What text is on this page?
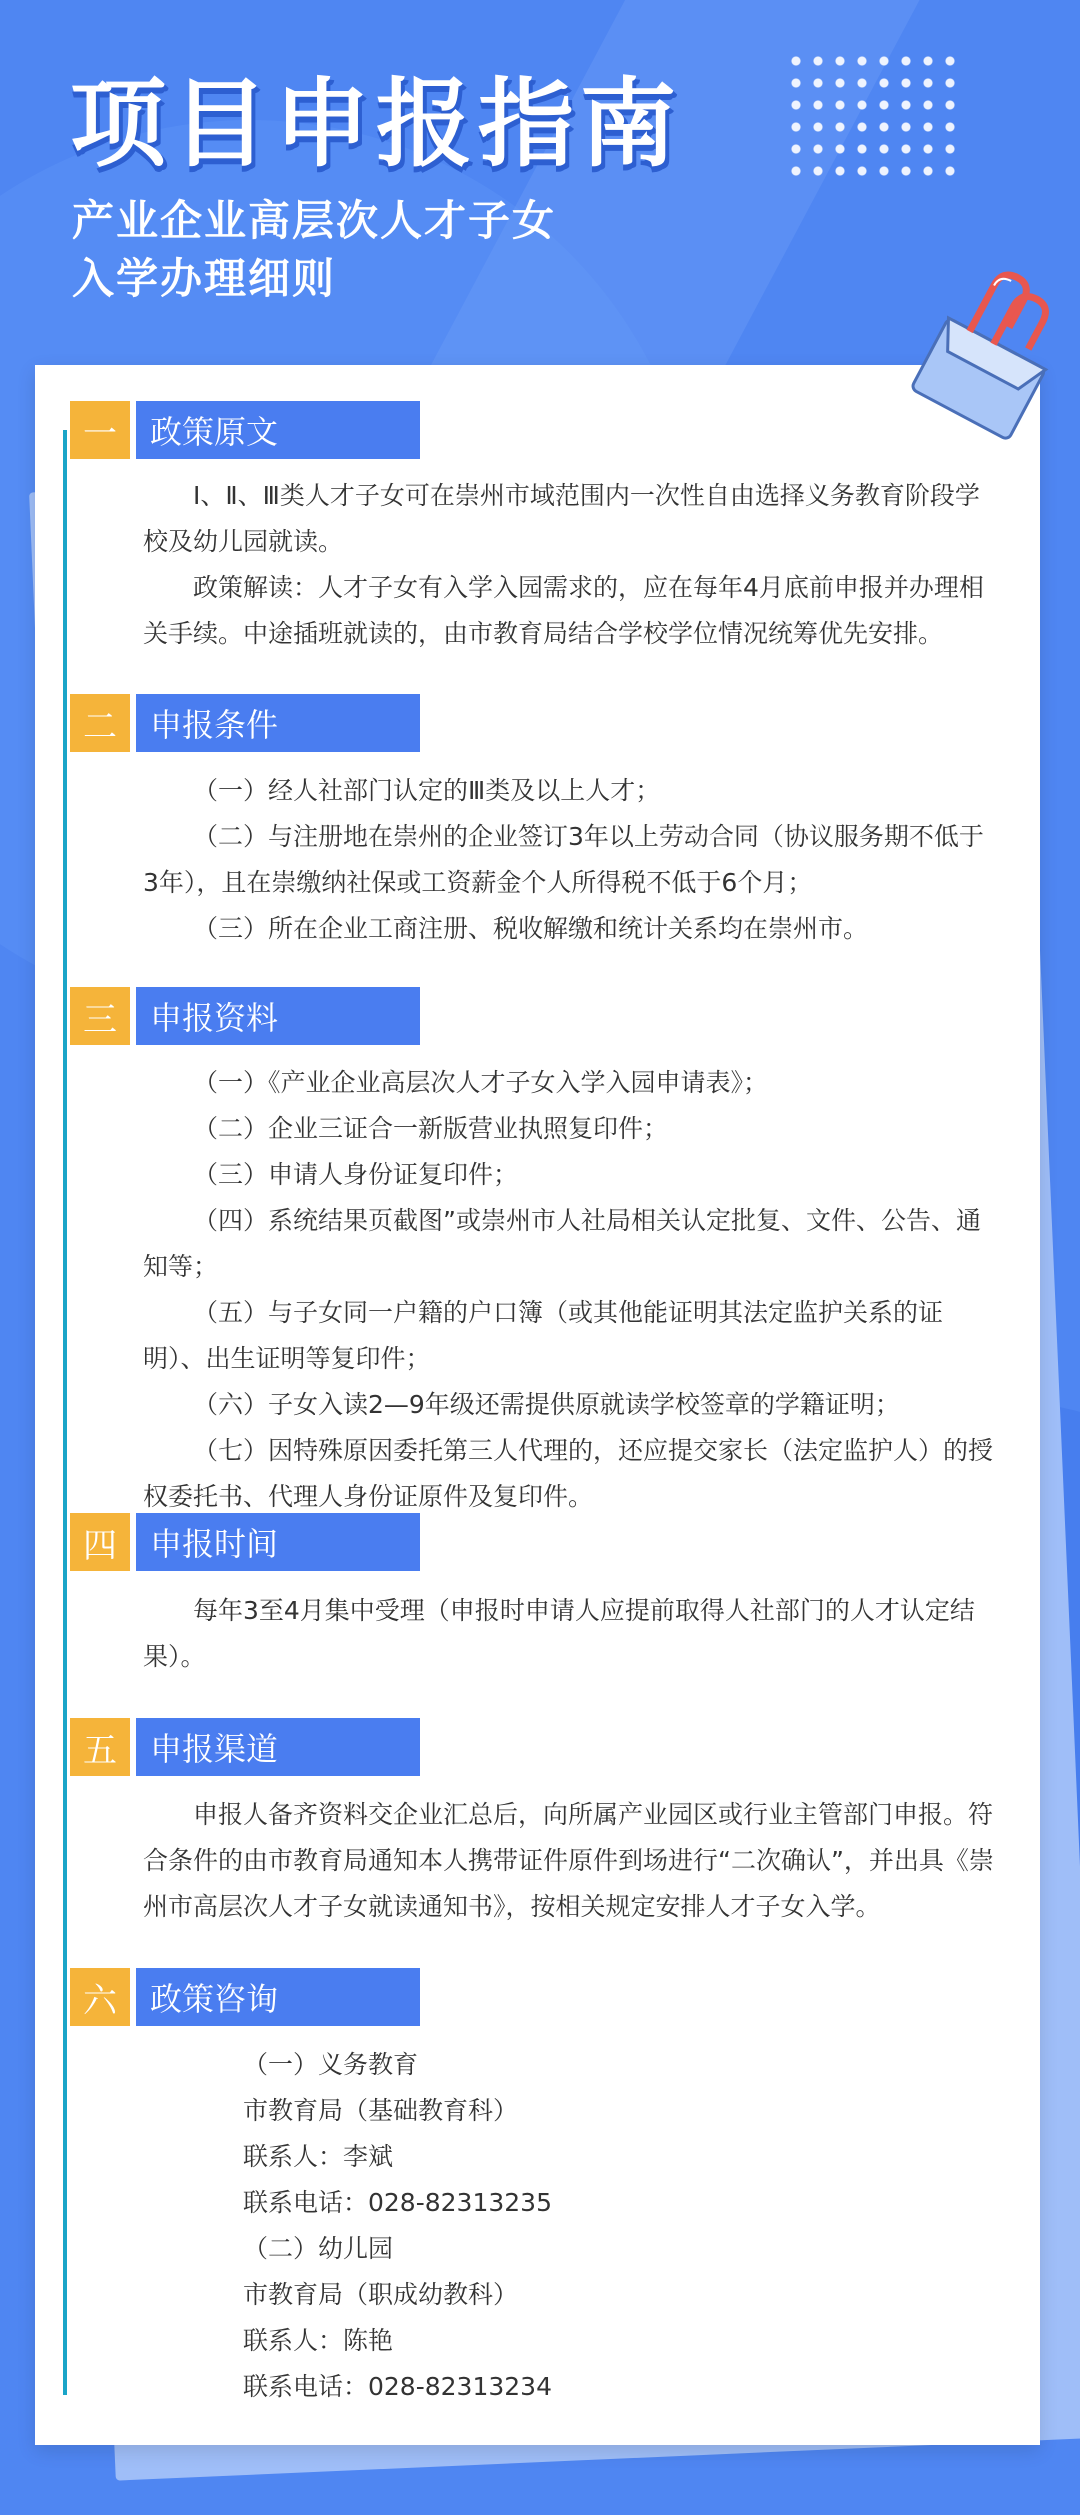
项目申报指南
产业企业高层次人才子女
入学办理细则
一	政策原文

Ⅰ、Ⅱ、Ⅲ类人才子女可在崇州市域范围内一次性自由选择义务教育阶段学校及幼儿园就读。

政策解读：人才子女有入学入园需求的，应在每年4月底前申报并办理相关手续。中途插班就读的，由市教育局结合学校学位情况统筹优先安排。

二	申报条件

（一）经人社部门认定的Ⅲ类及以上人才；

（二）与注册地在崇州的企业签订3年以上劳动合同（协议服务期不低于3年），且在崇缴纳社保或工资薪金个人所得税不低于6个月；

（三）所在企业工商注册、税收解缴和统计关系均在崇州市。

三	申报资料

（一）《产业企业高层次人才子女入学入园申请表》；

（二）企业三证合一新版营业执照复印件；

（三）申请人身份证复印件；

（四）系统结果页截图”或崇州市人社局相关认定批复、文件、公告、通知等；

（五）与子女同一户籍的户口簿（或其他能证明其法定监护关系的证明）、出生证明等复印件；

（六）子女入读2—9年级还需提供原就读学校签章的学籍证明；

（七）因特殊原因委托第三人代理的，还应提交家长（法定监护人）的授权委托书、代理人身份证原件及复印件。

四	申报时间

每年3至4月集中受理（申报时申请人应提前取得人社部门的人才认定结果）。

五	申报渠道

申报人备齐资料交企业汇总后，向所属产业园区或行业主管部门申报。符合条件的由市教育局通知本人携带证件原件到场进行“二次确认”，并出具《崇州市高层次人才子女就读通知书》，按相关规定安排人才子女入学。

六	政策咨询

（一）义务教育

市教育局（基础教育科）

联系人：李斌

联系电话：028-82313235

（二）幼儿园

市教育局（职成幼教科）

联系人：陈艳

联系电话：028-82313234
